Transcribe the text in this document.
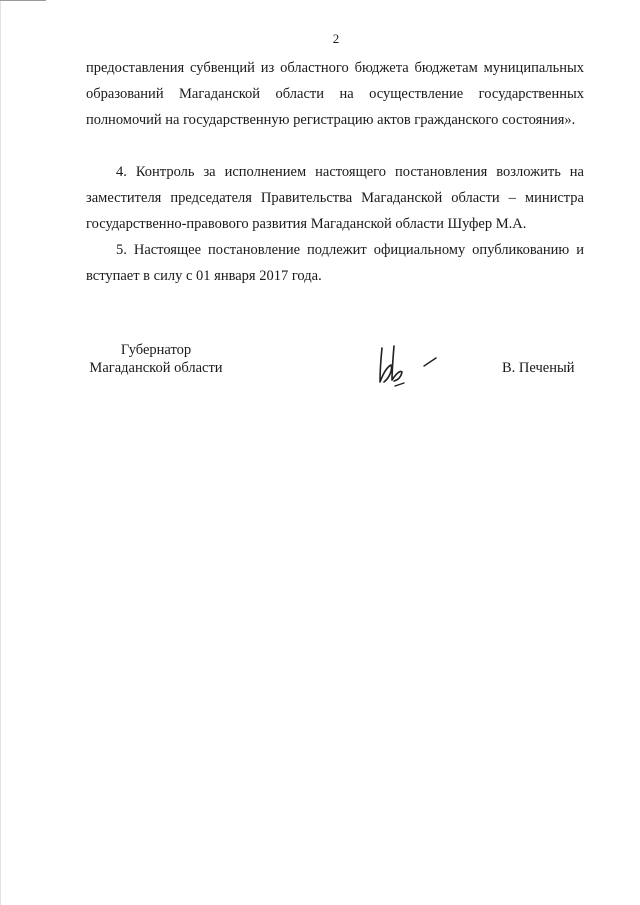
2

предоставления субвенций из областного бюджета бюджетам муниципальных образований Магаданской области на осуществление государственных полномочий на государственную регистрацию актов гражданского состояния».

4. Контроль за исполнением настоящего постановления возложить на заместителя председателя Правительства Магаданской области – министра государственно-правового развития Магаданской области Шуфер М.А.

5. Настоящее постановление подлежит официальному опубликованию и вступает в силу с 01 января 2017 года.

Губернатор
Магаданской области	В. Печеный
